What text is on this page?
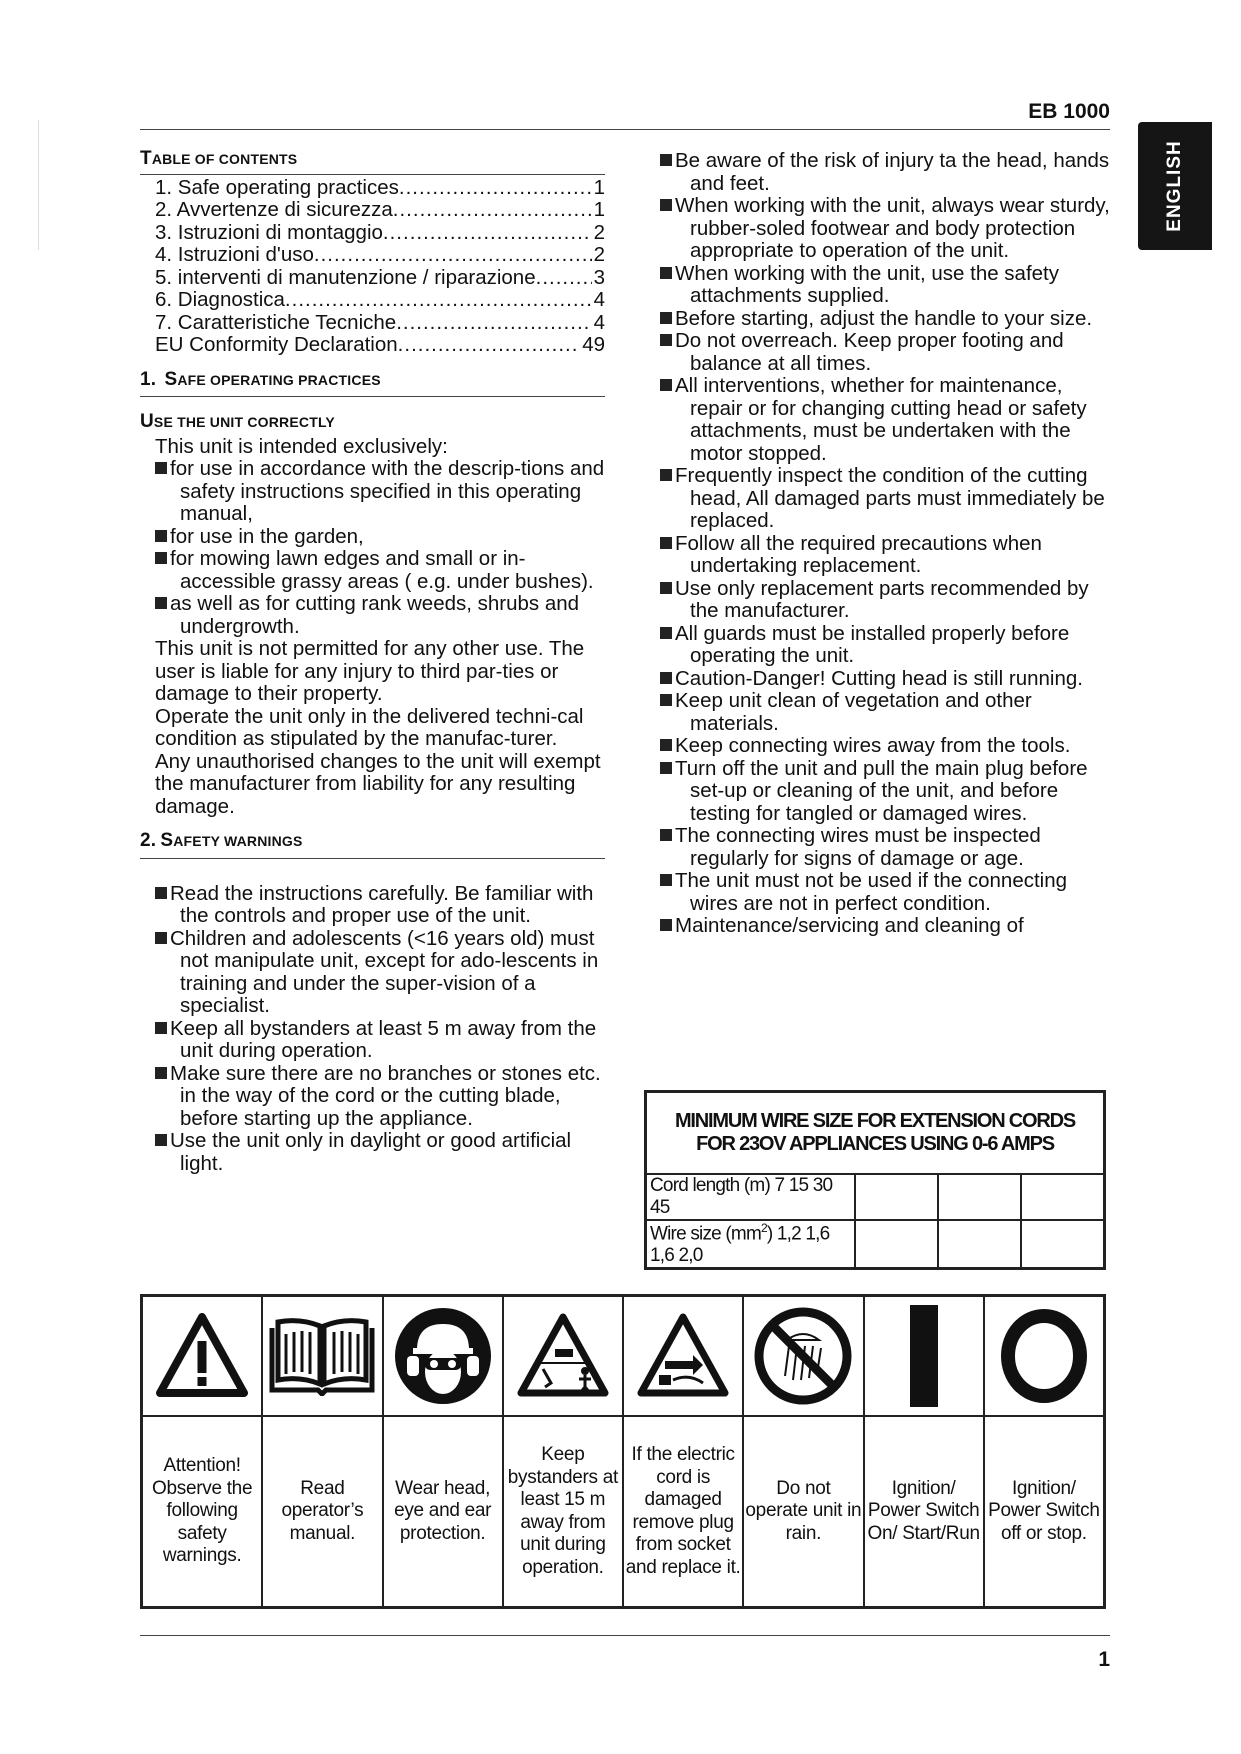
EB 1000
ENGLISH
TABLE OF CONTENTS
1. Safe operating practices .....	1
2. Avvertenze di sicurezza .....	1
3. Istruzioni di montaggio .....	2
4. Istruzioni d'uso .....	2
5. interventi di manutenzione / riparazione .....	3
6. Diagnostica .....	4
7. Caratteristiche Tecniche .....	4
EU Conformity Declaration .....	49
1. SAFE OPERATING PRACTICES
USE THE UNIT CORRECTLY

This unit is intended exclusively:

for use in accordance with the descrip-tions and safety instructions specified in this operating manual,

for use in the garden,

for mowing lawn edges and small or in-accessible grassy areas ( e.g. under bushes).

as well as for cutting rank weeds, shrubs and undergrowth.

This unit is not permitted for any other use. The user is liable for any injury to third par-ties or damage to their property.

Operate the unit only in the delivered techni-cal condition as stipulated by the manufac-turer.

Any unauthorised changes to the unit will exempt the manufacturer from liability for any resulting damage.

2. SAFETY WARNINGS

Read the instructions carefully. Be familiar with the controls and proper use of the unit.

Children and adolescents (<16 years old) must not manipulate unit, except for ado-lescents in training and under the super-vision of a specialist.

Keep all bystanders at least 5 m away from the unit during operation.

Make sure there are no branches or stones etc. in the way of the cord or the cutting blade, before starting up the appliance.

Use the unit only in daylight or good artificial light.

Be aware of the risk of injury ta the head, hands and feet.

When working with the unit, always wear sturdy, rubber-soled footwear and body protection appropriate to operation of the unit.

When working with the unit, use the safety attachments supplied.

Before starting, adjust the handle to your size.

Do not overreach. Keep proper footing and balance at all times.

All interventions, whether for maintenance, repair or for changing cutting head or safety attachments, must be undertaken with the motor stopped.

Frequently inspect the condition of the cutting head, All damaged parts must immediately be replaced.

Follow all the required precautions when undertaking replacement.

Use only replacement parts recommended by the manufacturer.

All guards must be installed properly before operating the unit.

Caution-Danger! Cutting head is still running.

Keep unit clean of vegetation and other materials.

Keep connecting wires away from the tools.

Turn off the unit and pull the main plug before set-up or cleaning of the unit, and before testing for tangled or damaged wires.

The connecting wires must be inspected regularly for signs of damage or age.

The unit must not be used if the connecting wires are not in perfect condition.

Maintenance/servicing and cleaning of

MINIMUM WIRE SIZE FOR EXTENSION CORDS
FOR 23OV APPLIANCES USING 0-6 AMPS			
Cord length (m) 7 15 30 45			
Wire size $(mm^2)$ 1,2 1,6 1,6 2,0			
Attention! Observe the following safety warnings.
Read operator’s manual.
Wear head, eye and ear protection.
Keep bystanders at least 15 m away from unit during operation.
If the electric cord is damaged remove plug from socket and replace it.
Do not operate unit in rain.
Ignition/ Power Switch On/ Start/Run
Ignition/ Power Switch off or stop.
1
